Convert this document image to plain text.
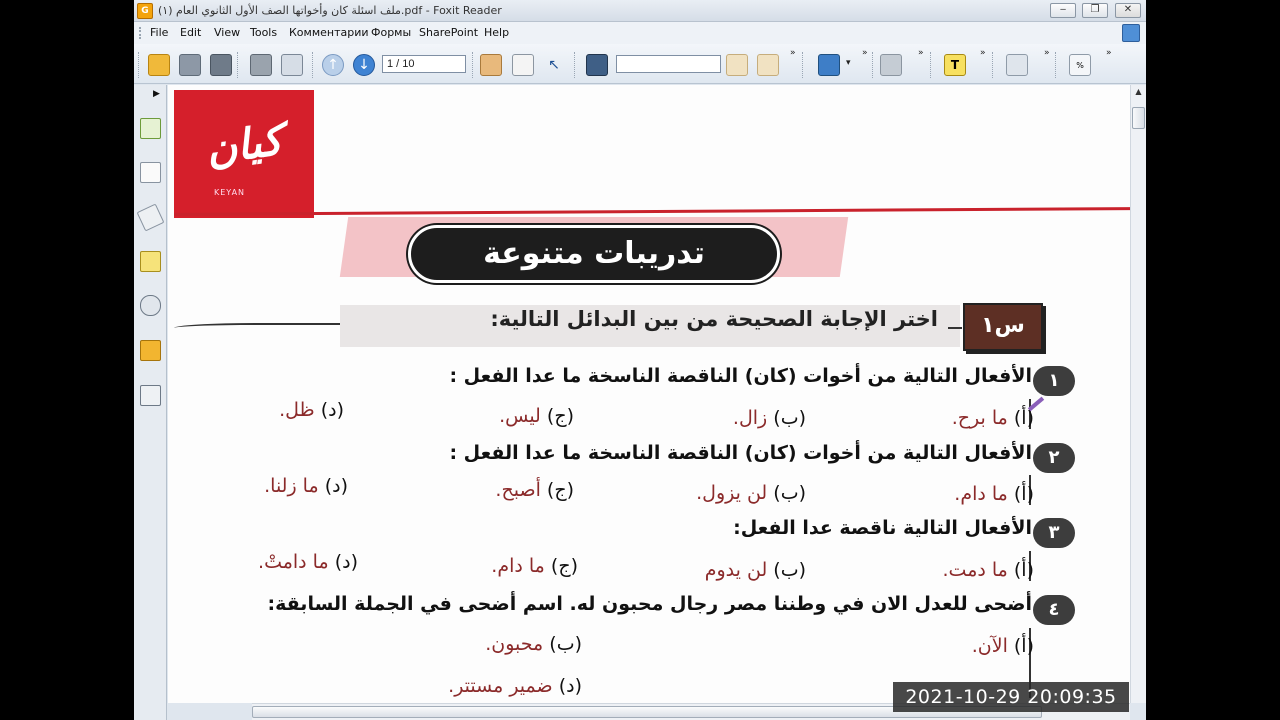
G (ملف اسئلة كان وأخواتها الصف الأول الثانوي العام (١.pdf - Foxit Reader	‒	❐	✕
File Edit View Tools Комментарии Формы SharePoint Help
↑	↓	↖
»
▾
»	»
T
»	»
%
»
1 / 10
▶
كيان
KEYAN
تدريبات متنوعة
اختر الإجابة الصحيحة من بين البدائل التالية:	س١
١
الأفعال التالية من أخوات (كان) الناقصة الناسخة ما عدا الفعل :
(أ) ما برح.
(ب) زال.
(ج) ليس.
(د) ظل.
٢
الأفعال التالية من أخوات (كان) الناقصة الناسخة ما عدا الفعل :
(أ) ما دام.
(ب) لن يزول.
(ج) أصبح.
(د) ما زلنا.
٣
الأفعال التالية ناقصة عدا الفعل:
(أ) ما دمت.
(ب) لن يدوم
(ج) ما دام.
(د) ما دامتْ.
٤
أضحى للعدل الان في وطننا مصر رجال محبون له. اسم أضحى في الجملة السابقة:
(أ) الآن.
(ب) محبون.
(د) ضمير مستتر.
▲
2021-10-29 20:09:35
